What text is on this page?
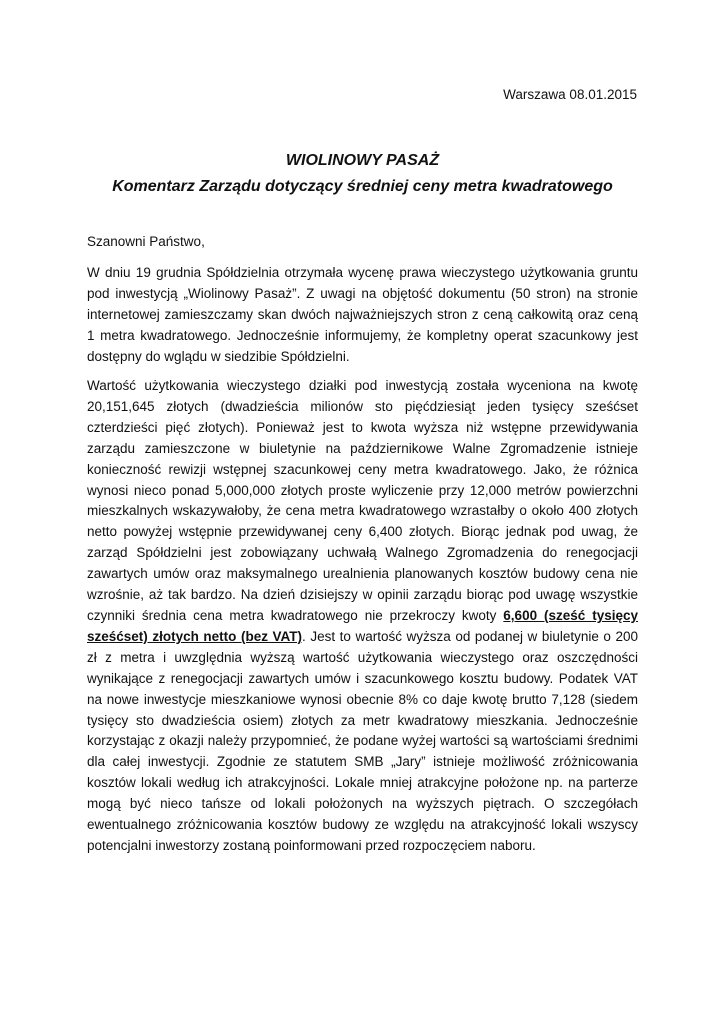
Warszawa 08.01.2015
WIOLINOWY PASAŻ
Komentarz Zarządu dotyczący średniej ceny metra kwadratowego
Szanowni Państwo,

W dniu 19 grudnia Spółdzielnia otrzymała wycenę prawa wieczystego użytkowania gruntu pod inwestycją „Wiolinowy Pasaż”. Z uwagi na objętość dokumentu (50 stron) na stronie internetowej zamieszczamy skan dwóch najważniejszych stron z ceną całkowitą oraz ceną 1 metra kwadratowego. Jednocześnie informujemy, że kompletny operat szacunkowy jest dostępny do wglądu w siedzibie Spółdzielni.

Wartość użytkowania wieczystego działki pod inwestycją została wyceniona na kwotę 20,151,645 złotych (dwadzieścia milionów sto pięćdziesiąt jeden tysięcy sześćset czterdzieści pięć złotych). Ponieważ jest to kwota wyższa niż wstępne przewidywania zarządu zamieszczone w biuletynie na październikowe Walne Zgromadzenie istnieje konieczność rewizji wstępnej szacunkowej ceny metra kwadratowego. Jako, że różnica wynosi nieco ponad 5,000,000 złotych proste wyliczenie przy 12,000 metrów powierzchni mieszkalnych wskazywałoby, że cena metra kwadratowego wzrastałby o około 400 złotych netto powyżej wstępnie przewidywanej ceny 6,400 złotych. Biorąc jednak pod uwag, że zarząd Spółdzielni jest zobowiązany uchwałą Walnego Zgromadzenia do renegocjacji zawartych umów oraz maksymalnego urealnienia planowanych kosztów budowy cena nie wzrośnie, aż tak bardzo. Na dzień dzisiejszy w opinii zarządu biorąc pod uwagę wszystkie czynniki średnia cena metra kwadratowego nie przekroczy kwoty 6,600 (sześć tysięcy sześćset) złotych netto (bez VAT). Jest to wartość wyższa od podanej w biuletynie o 200 zł z metra i uwzględnia wyższą wartość użytkowania wieczystego oraz oszczędności wynikające z renegocjacji zawartych umów i szacunkowego kosztu budowy. Podatek VAT na nowe inwestycje mieszkaniowe wynosi obecnie 8% co daje kwotę brutto 7,128 (siedem tysięcy sto dwadzieścia osiem) złotych za metr kwadratowy mieszkania. Jednocześnie korzystając z okazji należy przypomnieć, że podane wyżej wartości są wartościami średnimi dla całej inwestycji. Zgodnie ze statutem SMB „Jary” istnieje możliwość zróżnicowania kosztów lokali według ich atrakcyjności. Lokale mniej atrakcyjne położone np. na parterze mogą być nieco tańsze od lokali położonych na wyższych piętrach. O szczegółach ewentualnego zróżnicowania kosztów budowy ze względu na atrakcyjność lokali wszyscy potencjalni inwestorzy zostaną poinformowani przed rozpoczęciem naboru.
